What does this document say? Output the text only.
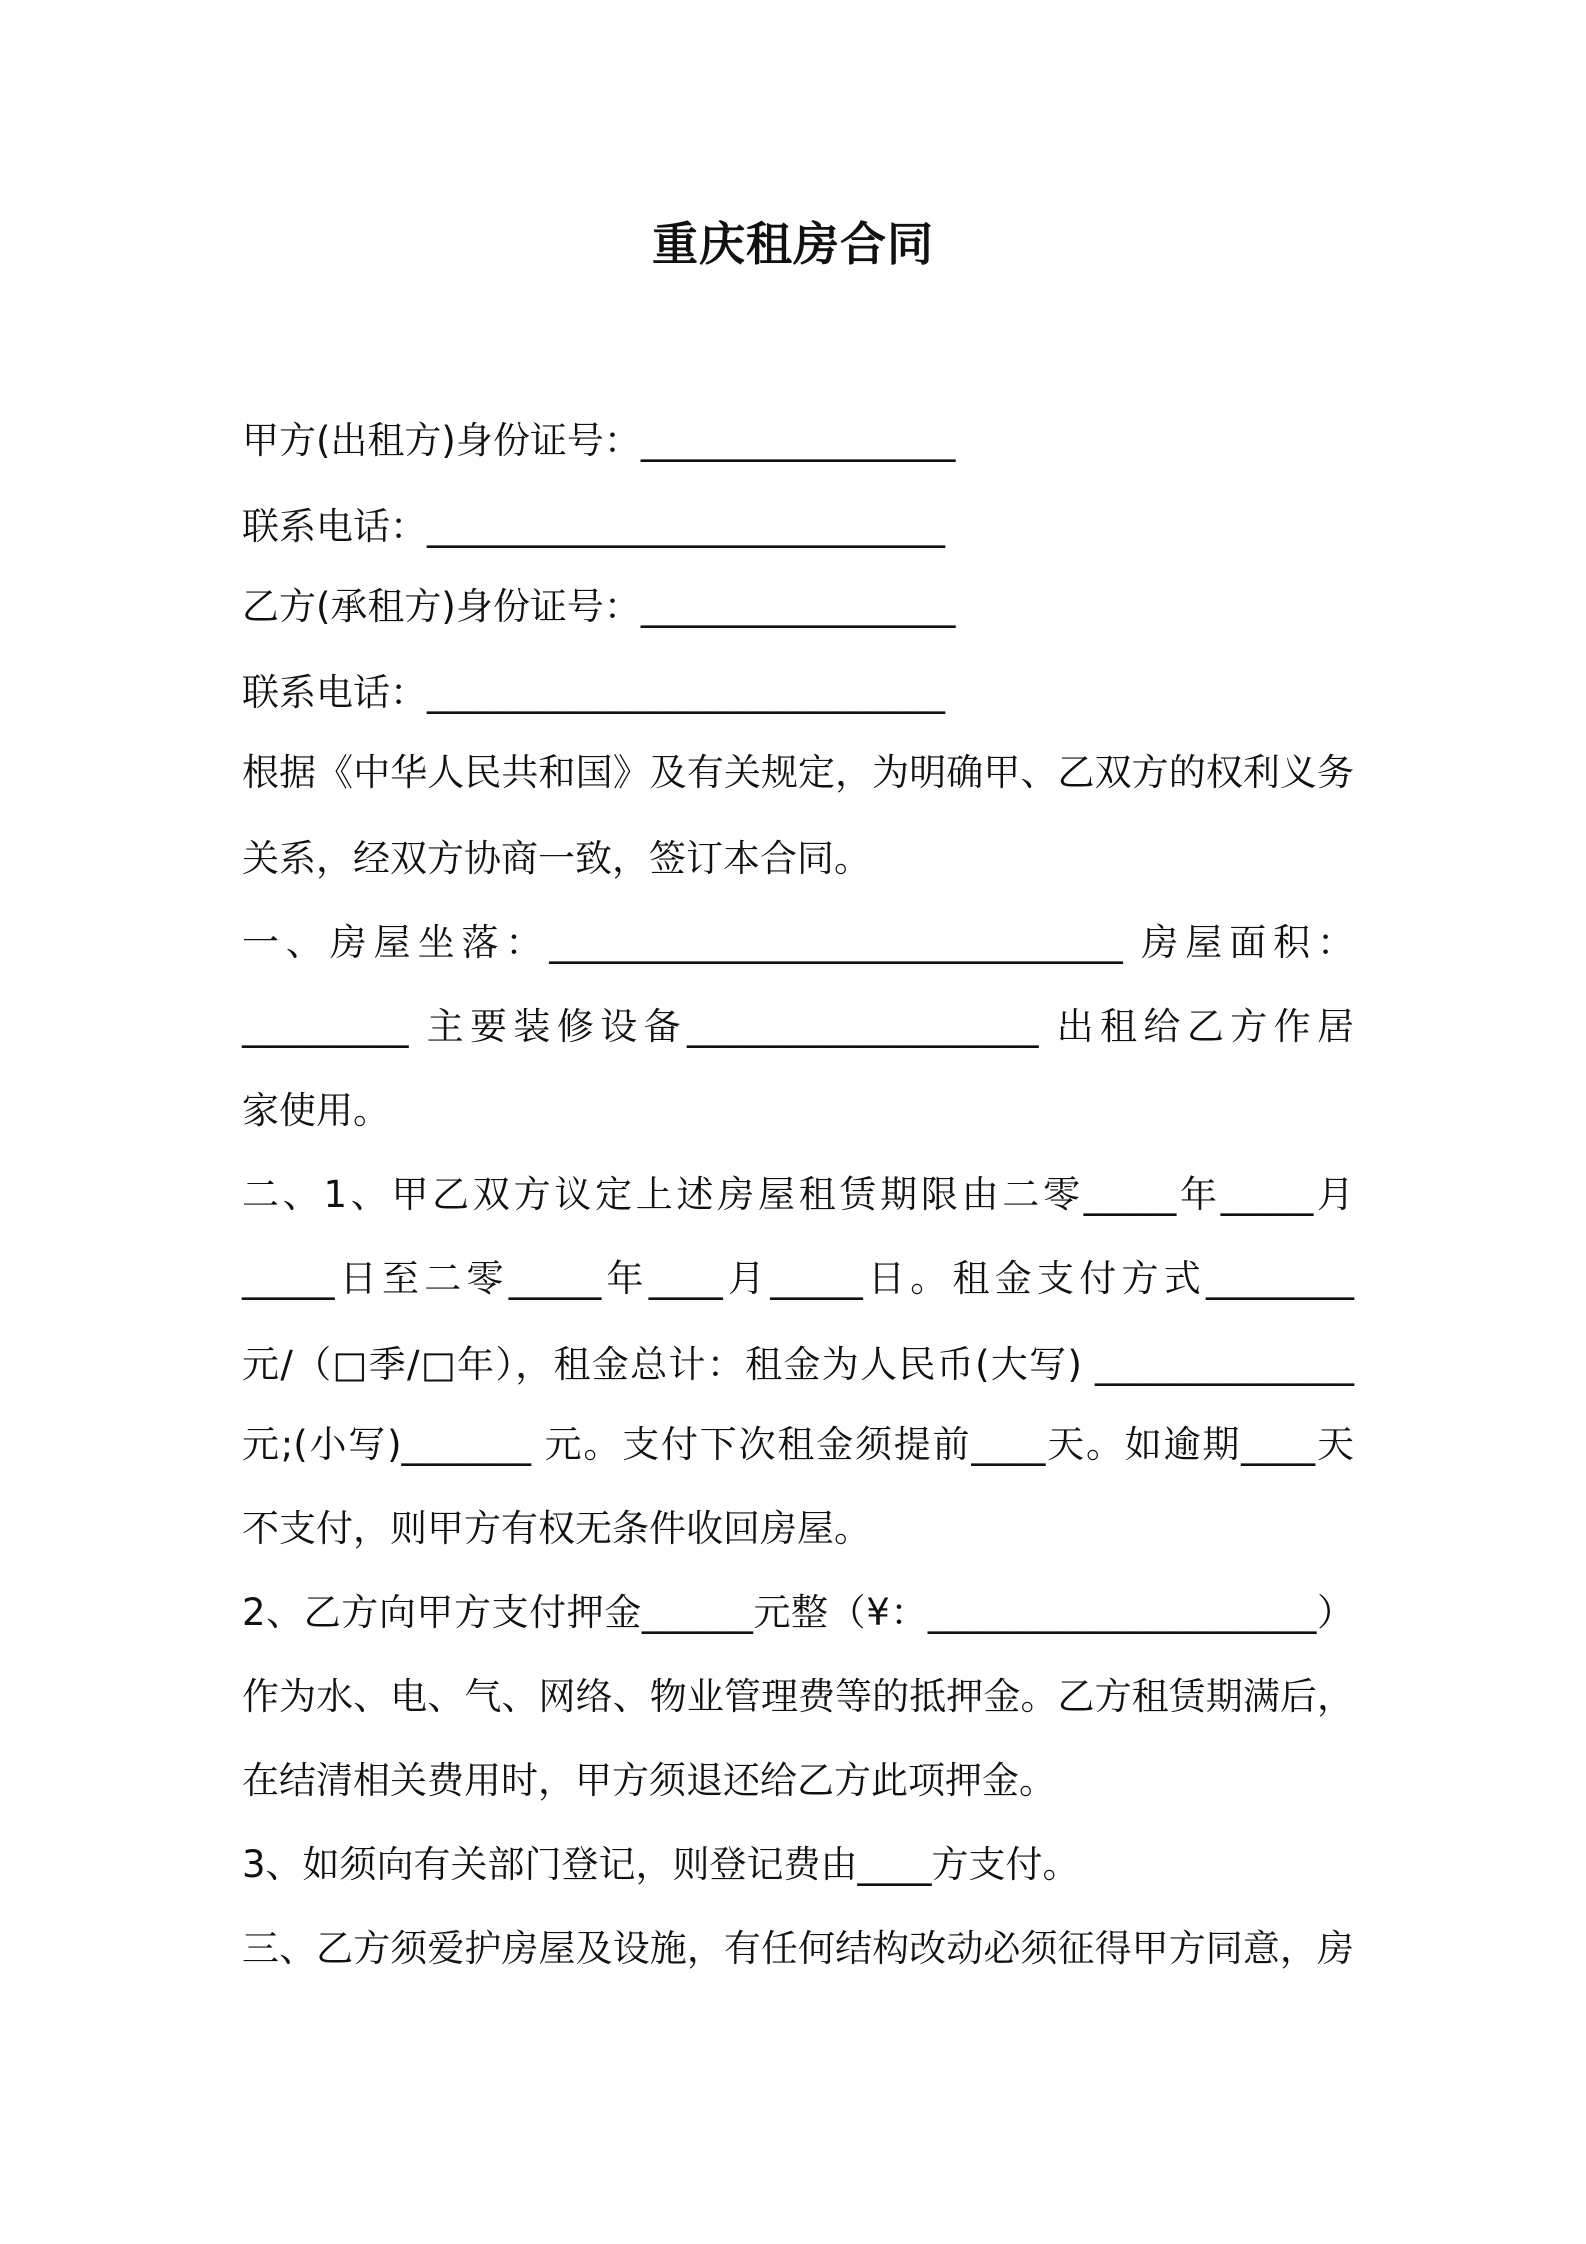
重庆租房合同

甲方(出租方)身份证号：_________________

联系电话：____________________________

乙方(承租方)身份证号：_________________

联系电话：____________________________

根据《中华人民共和国》及有关规定，为明确甲、乙双方的权利义务

关系，经双方协商一致，签订本合同。

一、房屋坐落：_______________________________ 房屋面积：

_________ 主要装修设备___________________ 出租给乙方作居

家使用。

二、1、甲乙双方议定上述房屋租赁期限由二零_____年_____月

_____日至二零_____年____月_____日。租金支付方式________

元/（□季/□年），租金总计：租金为人民币(大写) ______________

元;(小写)_______ 元。支付下次租金须提前____天。如逾期____天

不支付，则甲方有权无条件收回房屋。

2、乙方向甲方支付押金______元整（¥：_____________________）

作为水、电、气、网络、物业管理费等的抵押金。乙方租赁期满后，

在结清相关费用时，甲方须退还给乙方此项押金。

3、如须向有关部门登记，则登记费由____方支付。

三、乙方须爱护房屋及设施，有任何结构改动必须征得甲方同意，房
